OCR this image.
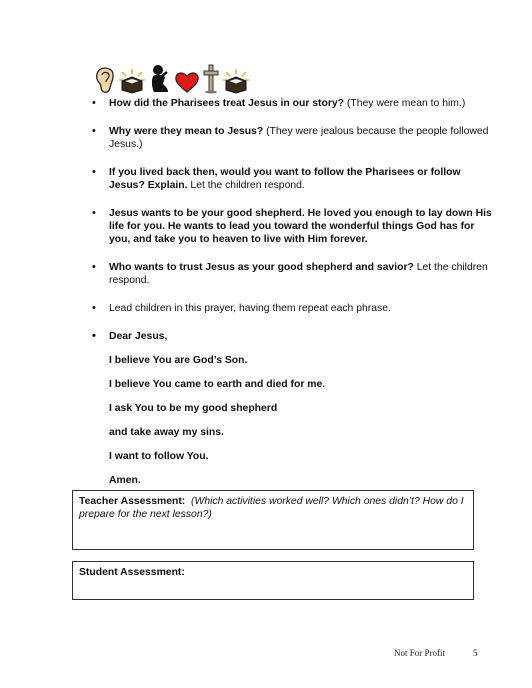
• How did the Pharisees treat Jesus in our story? (They were mean to him.)
• Why were they mean to Jesus? (They were jealous because the people followed Jesus.)
• If you lived back then, would you want to follow the Pharisees or follow Jesus? Explain. Let the children respond.
• Jesus wants to be your good shepherd. He loved you enough to lay down His life for you. He wants to lead you toward the wonderful things God has for you, and take you to heaven to live with Him forever.
• Who wants to trust Jesus as your good shepherd and savior? Let the children respond.
• Lead children in this prayer, having them repeat each phrase.
• Dear Jesus,
I believe You are God’s Son.
I believe You came to earth and died for me.
I ask You to be my good shepherd
and take away my sins.
I want to follow You.
Amen.
Teacher Assessment: (Which activities worked well? Which ones didn’t? How do I prepare for the next lesson?)
Student Assessment:
Not For Profit	5
